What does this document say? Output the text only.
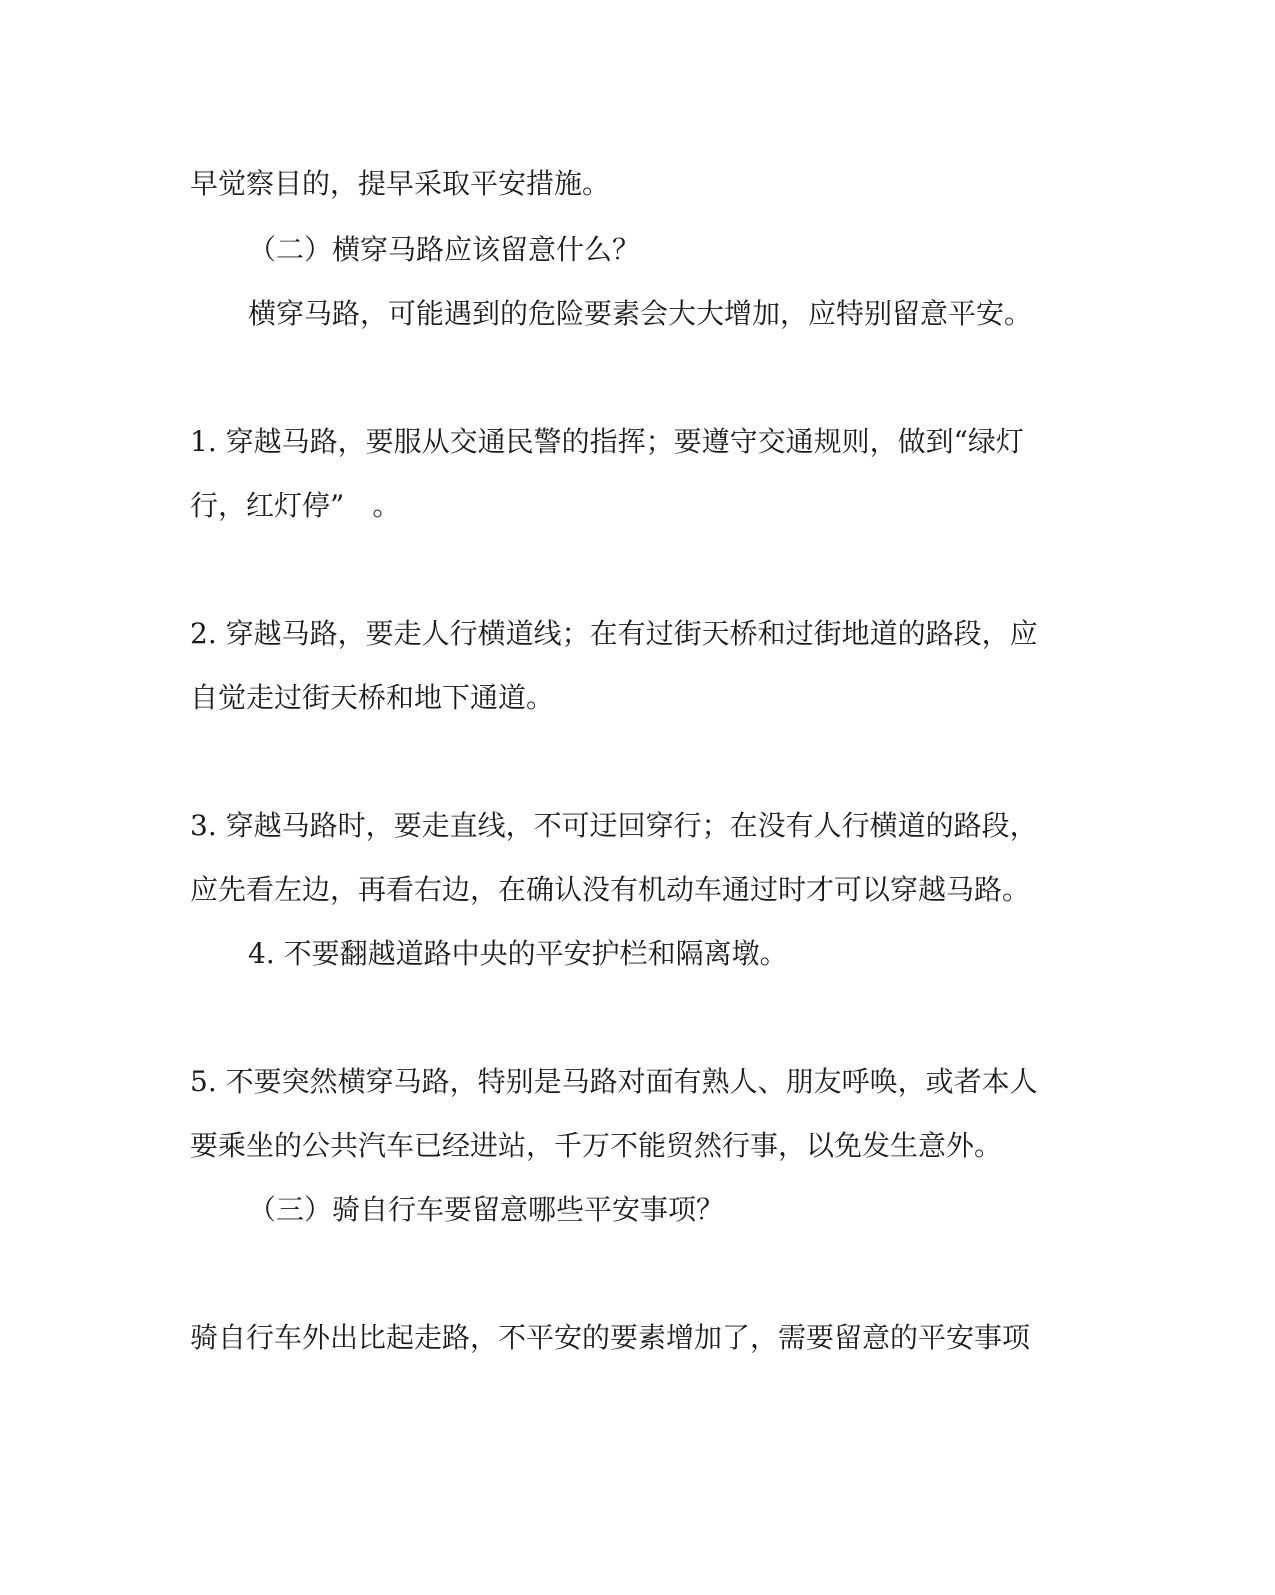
早觉察目的，提早采取平安措施。

（二）横穿马路应该留意什么？

横穿马路，可能遇到的危险要素会大大增加，应特别留意平安。

1. 穿越马路，要服从交通民警的指挥；要遵守交通规则，做到“绿灯

行，红灯停”　。

2. 穿越马路，要走人行横道线；在有过街天桥和过街地道的路段，应

自觉走过街天桥和地下通道。

3. 穿越马路时，要走直线，不可迂回穿行；在没有人行横道的路段，

应先看左边，再看右边，在确认没有机动车通过时才可以穿越马路。

4. 不要翻越道路中央的平安护栏和隔离墩。

5. 不要突然横穿马路，特别是马路对面有熟人、朋友呼唤，或者本人

要乘坐的公共汽车已经进站，千万不能贸然行事，以免发生意外。

（三）骑自行车要留意哪些平安事项？

骑自行车外出比起走路，不平安的要素增加了，需要留意的平安事项
